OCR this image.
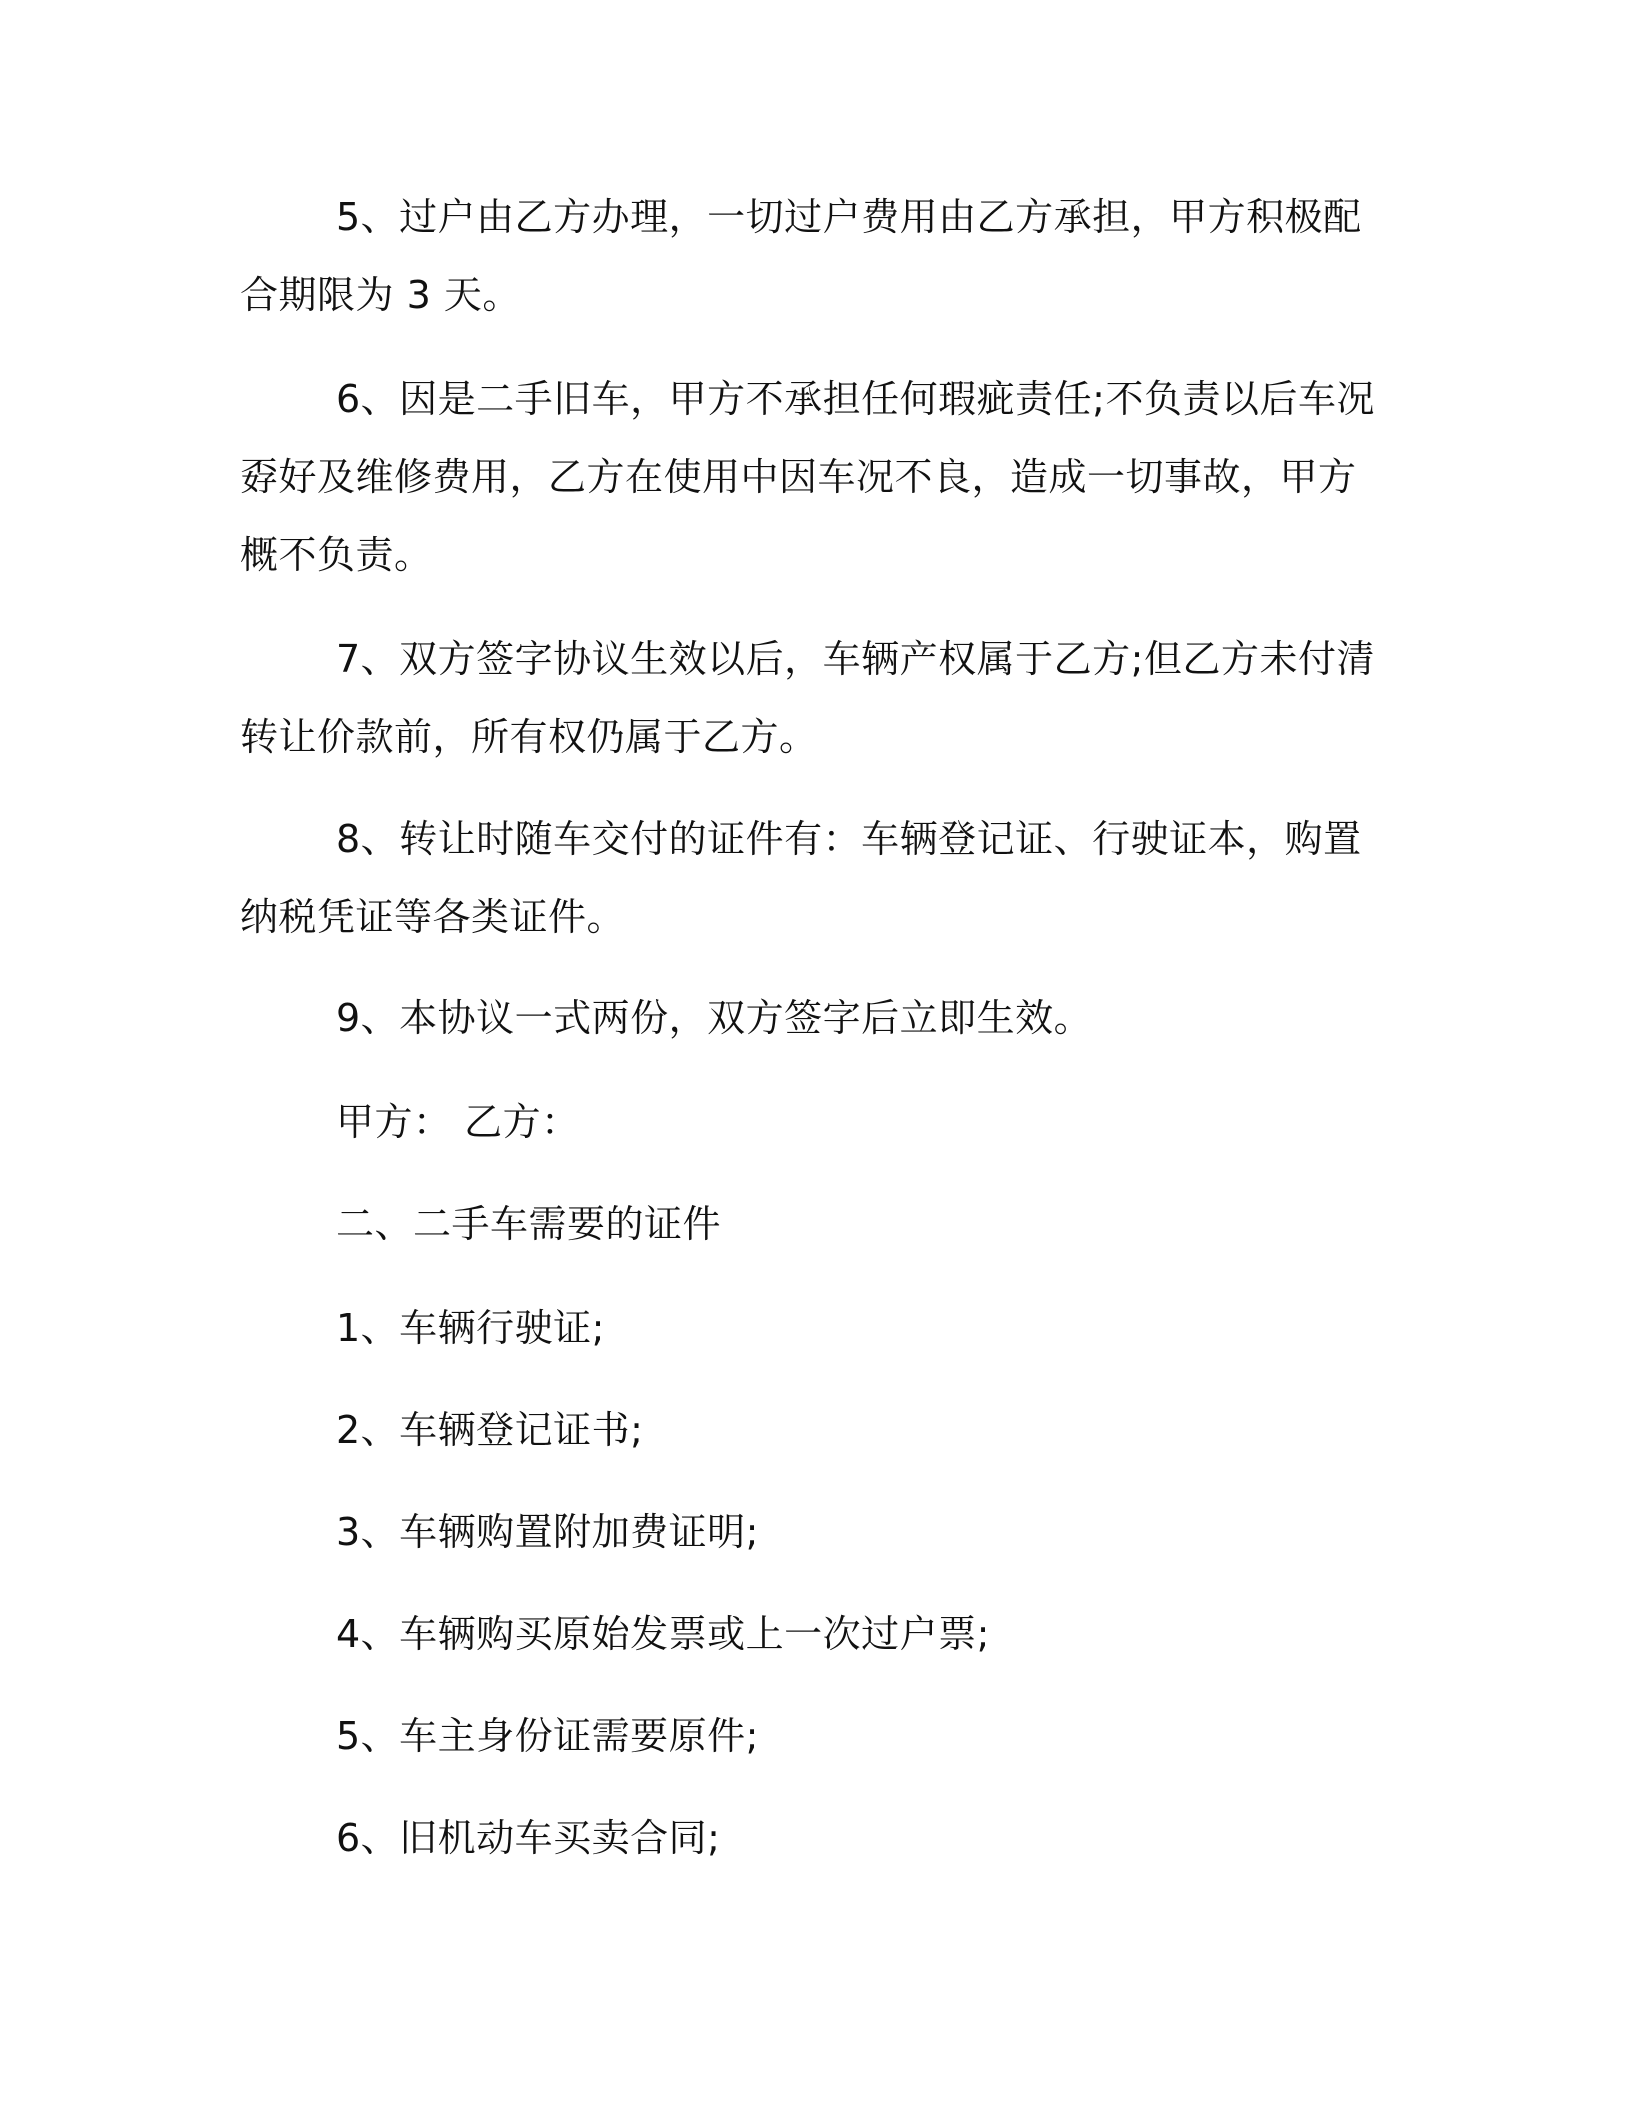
5、过户由乙方办理，一切过户费用由乙方承担，甲方积极配合期限为 3 天。

6、因是二手旧车，甲方不承担任何瑕疵责任;不负责以后车况孬好及维修费用，乙方在使用中因车况不良，造成一切事故，甲方概不负责。

7、双方签字协议生效以后，车辆产权属于乙方;但乙方未付清转让价款前，所有权仍属于乙方。

8、转让时随车交付的证件有：车辆登记证、行驶证本，购置纳税凭证等各类证件。

9、本协议一式两份，双方签字后立即生效。

甲方： 乙方：

二、二手车需要的证件

1、车辆行驶证;

2、车辆登记证书;

3、车辆购置附加费证明;

4、车辆购买原始发票或上一次过户票;

5、车主身份证需要原件;

6、旧机动车买卖合同;
